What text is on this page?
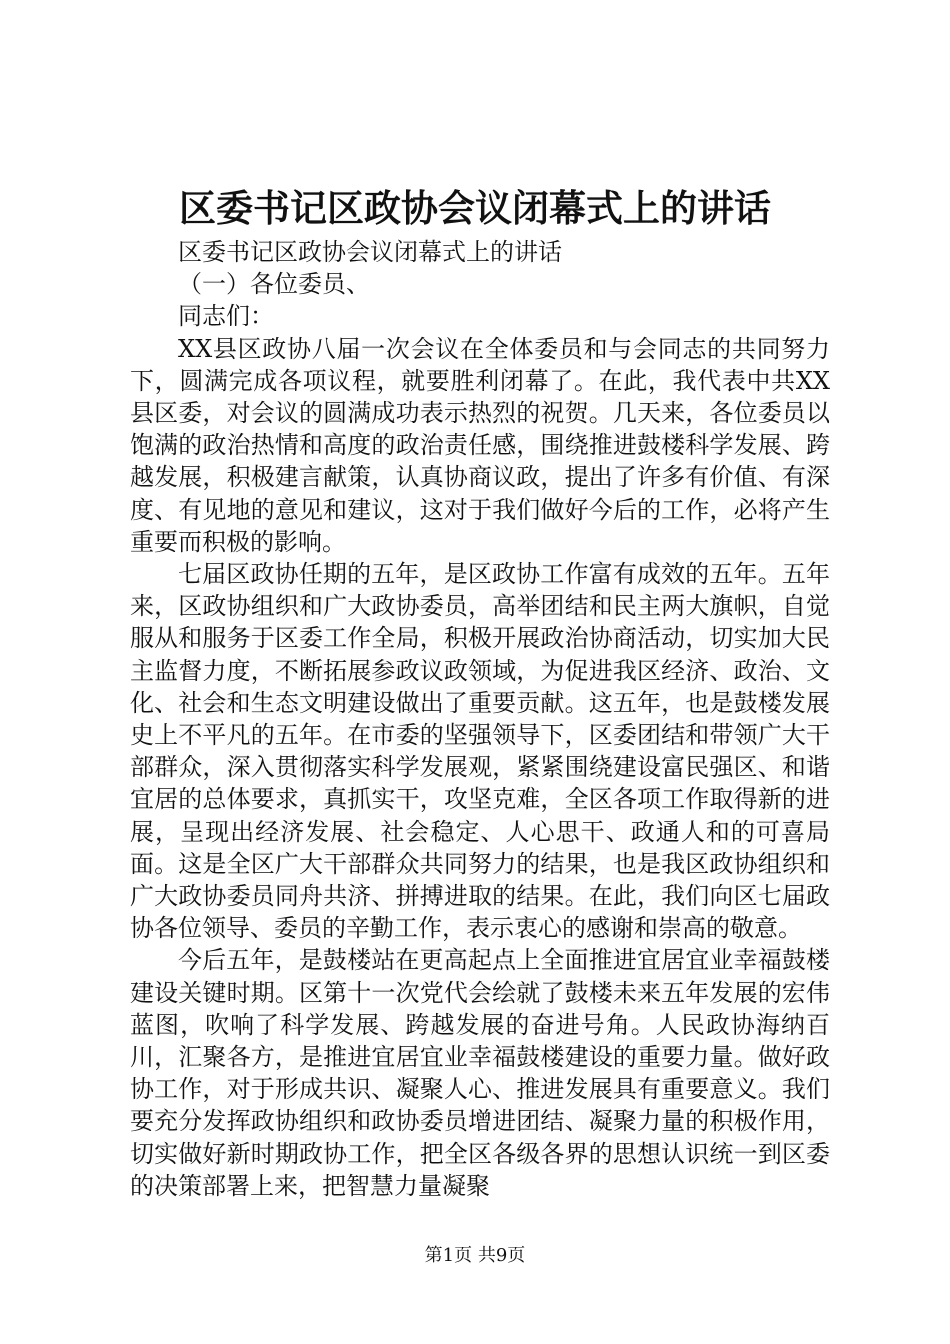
区委书记区政协会议闭幕式上的讲话

区委书记区政协会议闭幕式上的讲话

（一）各位委员、

同志们：

XX县区政协八届一次会议在全体委员和与会同志的共同努力下，圆满完成各项议程，就要胜利闭幕了。在此，我代表中共XX县区委，对会议的圆满成功表示热烈的祝贺。几天来，各位委员以饱满的政治热情和高度的政治责任感，围绕推进鼓楼科学发展、跨越发展，积极建言献策，认真协商议政，提出了许多有价值、有深度、有见地的意见和建议，这对于我们做好今后的工作，必将产生重要而积极的影响。

七届区政协任期的五年，是区政协工作富有成效的五年。五年来，区政协组织和广大政协委员，高举团结和民主两大旗帜，自觉服从和服务于区委工作全局，积极开展政治协商活动，切实加大民主监督力度，不断拓展参政议政领域，为促进我区经济、政治、文化、社会和生态文明建设做出了重要贡献。这五年，也是鼓楼发展史上不平凡的五年。在市委的坚强领导下，区委团结和带领广大干部群众，深入贯彻落实科学发展观，紧紧围绕建设富民强区、和谐宜居的总体要求，真抓实干，攻坚克难，全区各项工作取得新的进展，呈现出经济发展、社会稳定、人心思干、政通人和的可喜局面。这是全区广大干部群众共同努力的结果，也是我区政协组织和广大政协委员同舟共济、拼搏进取的结果。在此，我们向区七届政协各位领导、委员的辛勤工作，表示衷心的感谢和崇高的敬意。

今后五年，是鼓楼站在更高起点上全面推进宜居宜业幸福鼓楼建设关键时期。区第十一次党代会绘就了鼓楼未来五年发展的宏伟蓝图，吹响了科学发展、跨越发展的奋进号角。人民政协海纳百川，汇聚各方，是推进宜居宜业幸福鼓楼建设的重要力量。做好政协工作，对于形成共识、凝聚人心、推进发展具有重要意义。我们要充分发挥政协组织和政协委员增进团结、凝聚力量的积极作用，切实做好新时期政协工作，把全区各级各界的思想认识统一到区委的决策部署上来，把智慧力量凝聚

第1页 共9页
